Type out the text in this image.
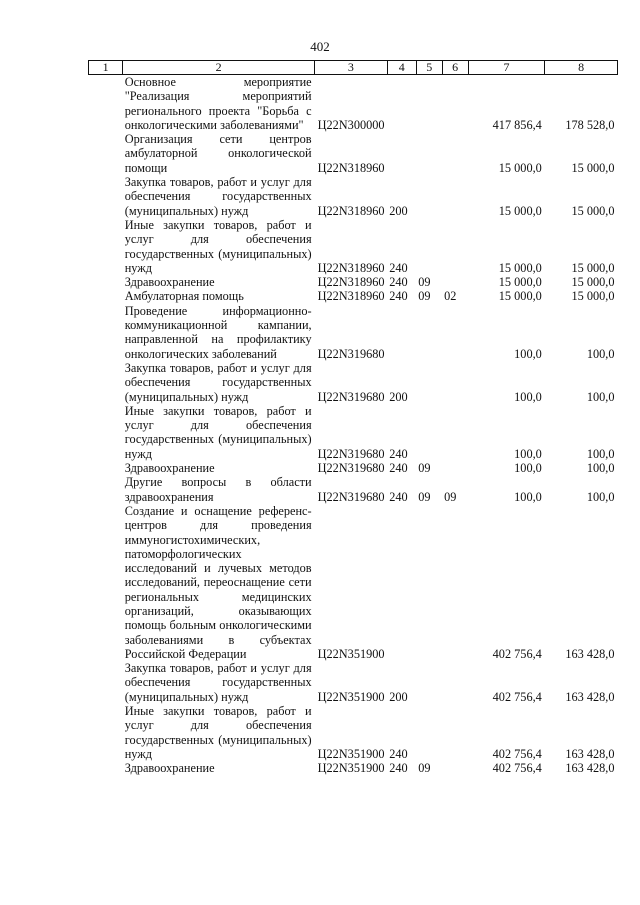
402
1	2	3	4	5	6	7	8
	Основное мероприятие "Реализация мероприятий регионального проекта "Борьба с онкологическими заболеваниями"	Ц22N300000				417 856,4	178 528,0
	Организация сети центров амбулаторной онкологической помощи	Ц22N318960				15 000,0	15 000,0
	Закупка товаров, работ и услуг для обеспечения государственных (муниципальных) нужд	Ц22N318960	200			15 000,0	15 000,0
	Иные закупки товаров, работ и услуг для обеспечения государственных (муниципальных) нужд	Ц22N318960	240			15 000,0	15 000,0
	Здравоохранение	Ц22N318960	240	09		15 000,0	15 000,0
	Амбулаторная помощь	Ц22N318960	240	09	02	15 000,0	15 000,0
	Проведение информационно-коммуникационной кампании, направленной на профилактику онкологических заболеваний	Ц22N319680				100,0	100,0
	Закупка товаров, работ и услуг для обеспечения государственных (муниципальных) нужд	Ц22N319680	200			100,0	100,0
	Иные закупки товаров, работ и услуг для обеспечения государственных (муниципальных) нужд	Ц22N319680	240			100,0	100,0
	Здравоохранение	Ц22N319680	240	09		100,0	100,0
	Другие вопросы в области здравоохранения	Ц22N319680	240	09	09	100,0	100,0
	Создание и оснащение референс-центров для проведения иммуногистохимических, патоморфологических исследований и лучевых методов исследований, переоснащение сети региональных медицинских организаций, оказывающих помощь больным онкологическими заболеваниями в субъектах Российской Федерации	Ц22N351900				402 756,4	163 428,0
	Закупка товаров, работ и услуг для обеспечения государственных (муниципальных) нужд	Ц22N351900	200			402 756,4	163 428,0
	Иные закупки товаров, работ и услуг для обеспечения государственных (муниципальных) нужд	Ц22N351900	240			402 756,4	163 428,0
	Здравоохранение	Ц22N351900	240	09		402 756,4	163 428,0
